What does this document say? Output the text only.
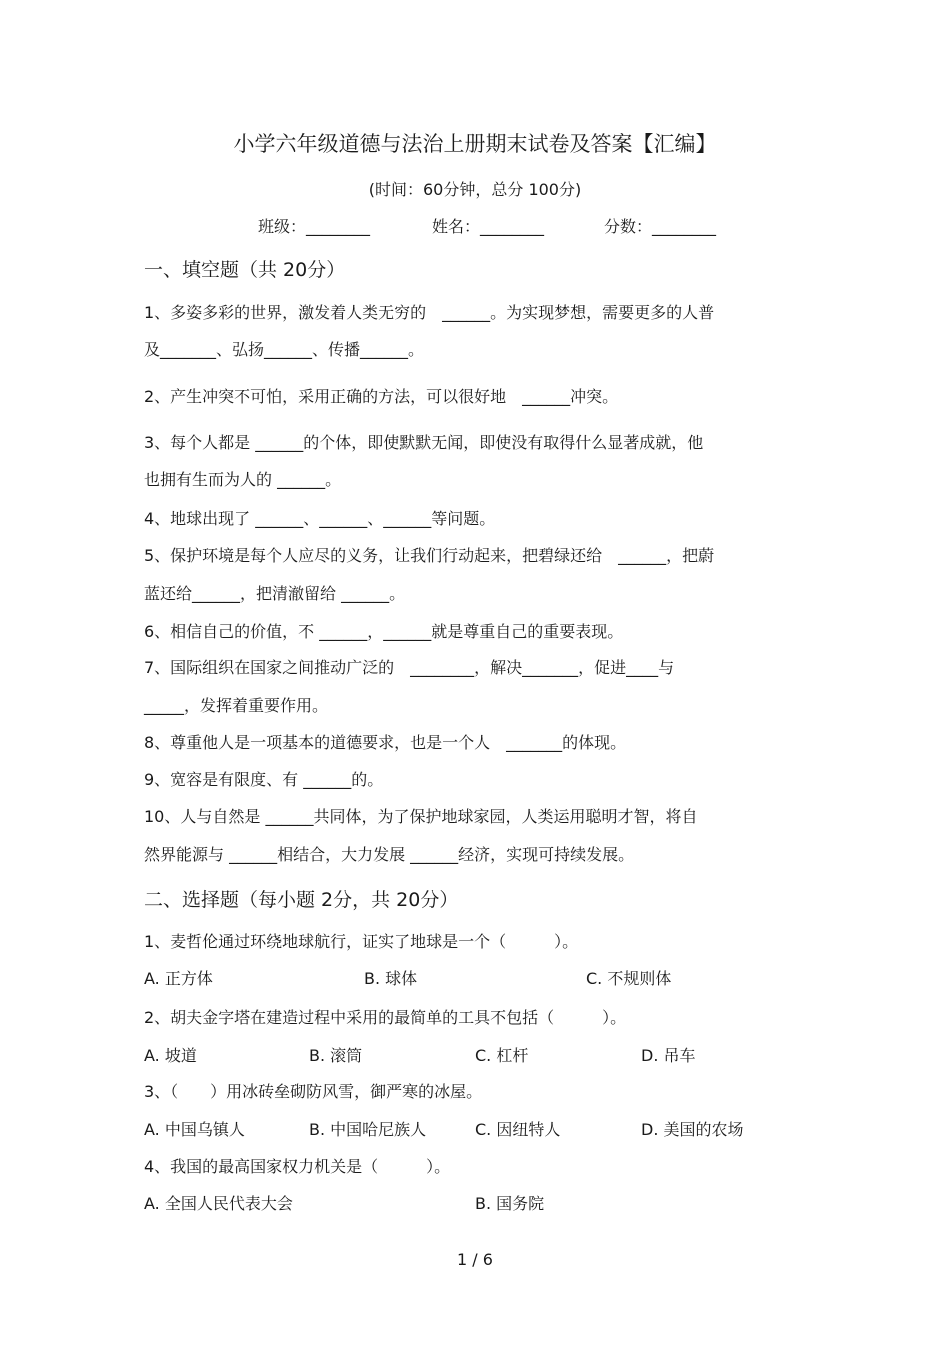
小学六年级道德与法治上册期末试卷及答案【汇编】
(时间：60分钟，总分 100分)
班级：________	姓名：________	分数：________
一、填空题（共 20分）
1、多姿多彩的世界，激发着人类无穷的　______。为实现梦想，需要更多的人普
及_______、弘扬______、传播______。
2、产生冲突不可怕，采用正确的方法，可以很好地　______冲突。
3、每个人都是 ______的个体，即使默默无闻，即使没有取得什么显著成就，他
也拥有生而为人的 ______。
4、地球出现了 ______、______、______等问题。
5、保护环境是每个人应尽的义务，让我们行动起来，把碧绿还给　______，把蔚
蓝还给______，把清澈留给 ______。
6、相信自己的价值，不 ______，______就是尊重自己的重要表现。
7、国际组织在国家之间推动广泛的　________，解决_______，促进____与
_____，发挥着重要作用。
8、尊重他人是一项基本的道德要求，也是一个人　_______的体现。
9、宽容是有限度、有 ______的。
10、人与自然是 ______共同体，为了保护地球家园，人类运用聪明才智，将自
然界能源与 ______相结合，大力发展 ______经济，实现可持续发展。
二、选择题（每小题 2分，共 20分）
1、麦哲伦通过环绕地球航行，证实了地球是一个（　　　）。
A. 正方体	B. 球体	C. 不规则体
2、胡夫金字塔在建造过程中采用的最简单的工具不包括（　　　）。
A. 坡道	B. 滚筒	C. 杠杆	D. 吊车
3、（　　）用冰砖垒砌防风雪，御严寒的冰屋。
A. 中国乌镇人	B. 中国哈尼族人	C. 因纽特人	D. 美国的农场
4、我国的最高国家权力机关是（　　　）。
A. 全国人民代表大会	B. 国务院
1 / 6
